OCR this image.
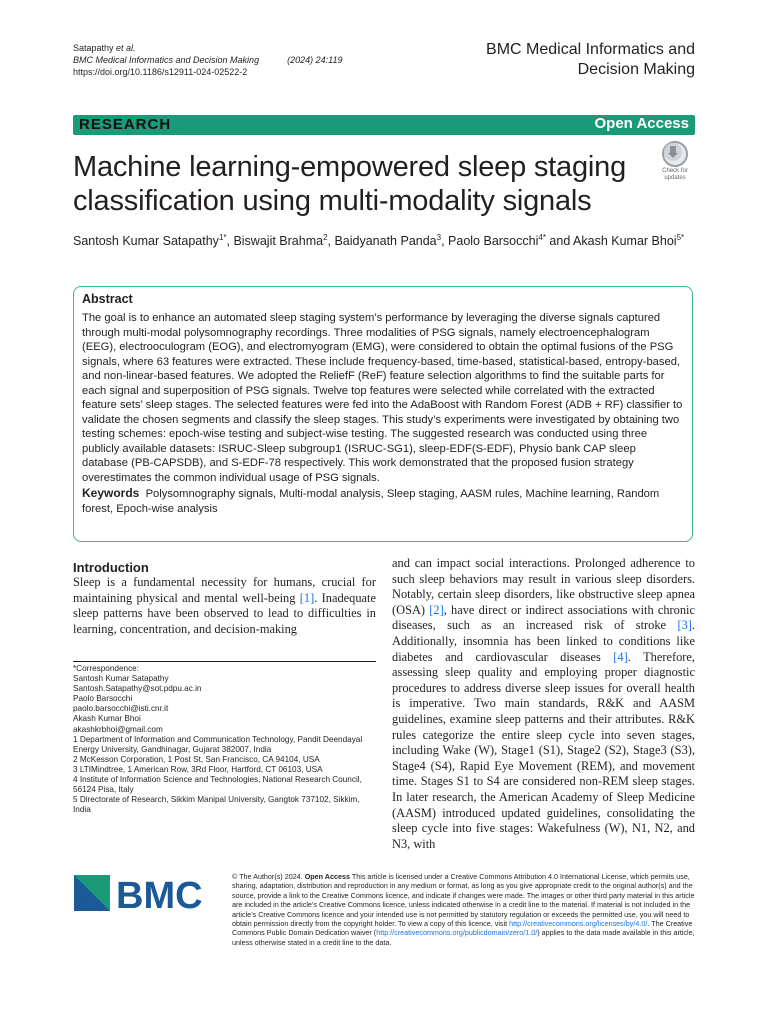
Satapathy et al.
BMC Medical Informatics and Decision Making	(2024) 24:119
https://doi.org/10.1186/s12911-024-02522-2
BMC Medical Informatics and Decision Making
RESEARCH	Open Access
Machine learning-empowered sleep staging classification using multi-modality signals
Check for
updates
Santosh Kumar Satapathy$^{1*}$, Biswajit Brahma$^2$, Baidyanath Panda$^3$, Paolo Barsocchi$^{4*}$ and Akash Kumar Bhoi$^{5*}$
Abstract

The goal is to enhance an automated sleep staging system’s performance by leveraging the diverse signals captured through multi-modal polysomnography recordings. Three modalities of PSG signals, namely electroencephalogram (EEG), electrooculogram (EOG), and electromyogram (EMG), were considered to obtain the optimal fusions of the PSG signals, where 63 features were extracted. These include frequency-based, time-based, statistical-based, entropy-based, and non-linear-based features. We adopted the ReliefF (ReF) feature selection algorithms to find the suitable parts for each signal and superposition of PSG signals. Twelve top features were selected while correlated with the extracted feature sets’ sleep stages. The selected features were fed into the AdaBoost with Random Forest (ADB + RF) classifier to validate the chosen segments and classify the sleep stages. This study’s experiments were investigated by obtaining two testing schemes: epoch-wise testing and subject-wise testing. The suggested research was conducted using three publicly available datasets: ISRUC-Sleep subgroup1 (ISRUC-SG1), sleep-EDF(S-EDF), Physio bank CAP sleep database (PB-CAPSDB), and S-EDF-78 respectively. This work demonstrated that the proposed fusion strategy overestimates the common individual usage of PSG signals.

Keywords Polysomnography signals, Multi-modal analysis, Sleep staging, AASM rules, Machine learning, Random forest, Epoch-wise analysis
Introduction
Sleep is a fundamental necessity for humans, crucial for maintaining physical and mental well-being [1]. Inadequate sleep patterns have been observed to lead to difficulties in learning, concentration, and decision-making
*Correspondence:
Santosh Kumar Satapathy
Santosh.Satapathy@sot.pdpu.ac.in
Paolo Barsocchi
paolo.barsocchi@isti.cnr.it
Akash Kumar Bhoi
akashkrbhoi@gmail.com
1 Department of Information and Communication Technology, Pandit Deendayal Energy University, Gandhinagar, Gujarat 382007, India
2 McKesson Corporation, 1 Post St, San Francisco, CA 94104, USA
3 LTIMindtree, 1 American Row, 3Rd Floor, Hartford, CT 06103, USA
4 Institute of Information Science and Technologies, National Research Council, 56124 Pisa, Italy
5 Directorate of Research, Sikkim Manipal University, Gangtok 737102, Sikkim, India
and can impact social interactions. Prolonged adherence to such sleep behaviors may result in various sleep disorders. Notably, certain sleep disorders, like obstructive sleep apnea (OSA) [2], have direct or indirect associations with chronic diseases, such as an increased risk of stroke [3]. Additionally, insomnia has been linked to conditions like diabetes and cardiovascular diseases [4]. Therefore, assessing sleep quality and employing proper diagnostic procedures to address diverse sleep issues for overall health is imperative. Two main standards, R&K and AASM guidelines, examine sleep patterns and their attributes. R&K rules categorize the entire sleep cycle into seven stages, including Wake (W), Stage1 (S1), Stage2 (S2), Stage3 (S3), Stage4 (S4), Rapid Eye Movement (REM), and movement time. Stages S1 to S4 are considered non-REM sleep stages. In later research, the American Academy of Sleep Medicine (AASM) introduced updated guidelines, consolidating the sleep cycle into five stages: Wakefulness (W), N1, N2, and N3, with
BMC	© The Author(s) 2024. Open Access This article is licensed under a Creative Commons Attribution 4.0 International License, which permits use, sharing, adaptation, distribution and reproduction in any medium or format, as long as you give appropriate credit to the original author(s) and the source, provide a link to the Creative Commons licence, and indicate if changes were made. The images or other third party material in this article are included in the article’s Creative Commons licence, unless indicated otherwise in a credit line to the material. If material is not included in the article’s Creative Commons licence and your intended use is not permitted by statutory regulation or exceeds the permitted use, you will need to obtain permission directly from the copyright holder. To view a copy of this licence, visit http://creativecommons.org/licenses/by/4.0/. The Creative Commons Public Domain Dedication waiver (http://creativecommons.org/publicdomain/zero/1.0/) applies to the data made available in this article, unless otherwise stated in a credit line to the data.
